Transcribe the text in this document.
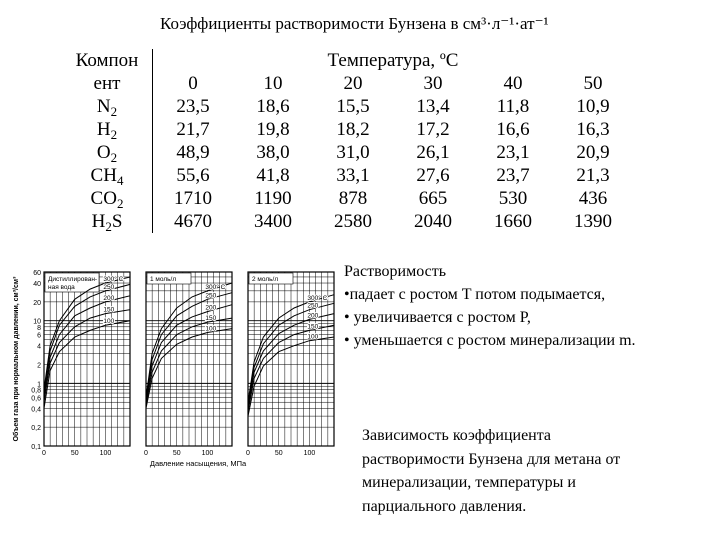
Коэффициенты растворимости Бунзена в см³·л⁻¹·ат⁻¹
Компон	Температура, ºС					
ент	0	10	20	30	40	50
$N_2$	23,5	18,6	15,5	13,4	11,8	10,9
$H_2$	21,7	19,8	18,2	17,2	16,6	16,3
$O_2$	48,9	38,0	31,0	26,1	23,1	20,9
$CH_4$	55,6	41,8	33,1	27,6	23,7	21,3
$CO_2$	1710	1190	878	665	530	436
$H_2S$	4670	3400	2580	2040	1660	1390
Объем газа при нормальном давлении, см³/см³
60
40
20
10
8
6
4
2
1
0,8
0,6
0,4
0,2
0,1
Дистиллирован-
ная вода
300° С
250
200
150
100
0	50	100
1 моль/л
300° С
250
200
150
100
0	50	100
2 моль/л
300° С
250
200
150
100
0	50	100
Давление насыщения, МПа
Растворимость
•падает с ростом T потом подымается,
• увеличивается с ростом P,
• уменьшается с ростом минерализации m.
Зависимость коэффициента
растворимости Бунзена для метана от
минерализации, температуры и
парциального давления.
